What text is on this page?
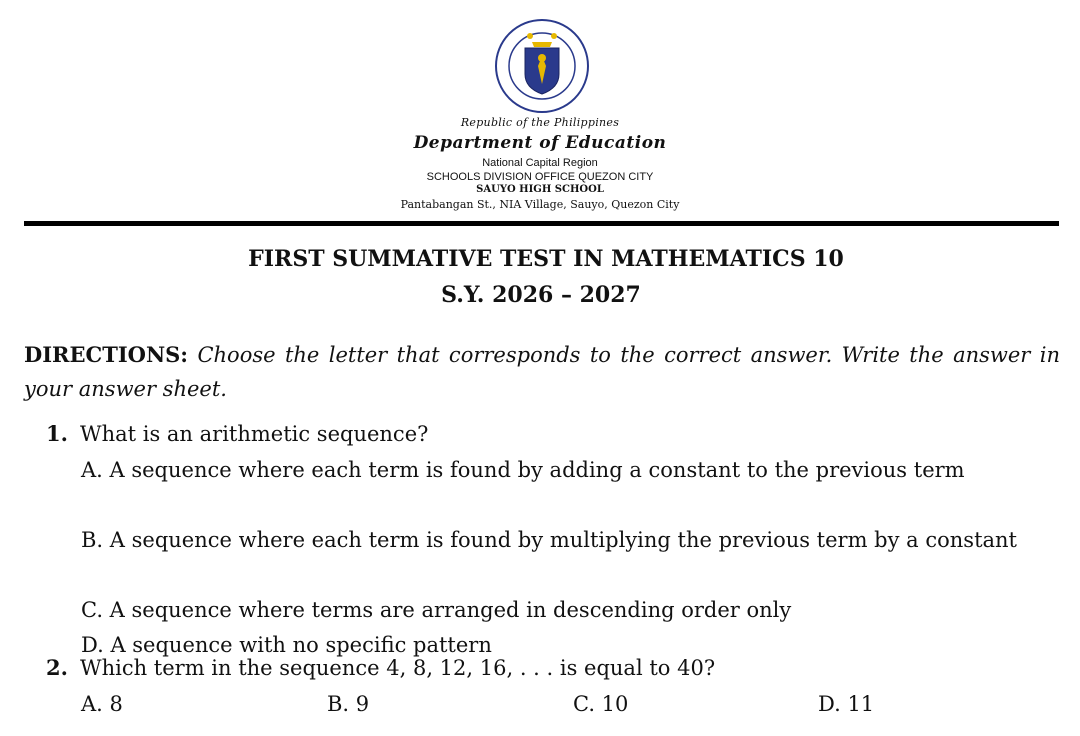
Republic of the Philippines
Department of Education
National Capital Region
SCHOOLS DIVISION OFFICE QUEZON CITY
SAUYO HIGH SCHOOL
Pantabangan St., NIA Village, Sauyo, Quezon City
FIRST SUMMATIVE TEST IN MATHEMATICS 10
S.Y. 2026 – 2027
DIRECTIONS: Choose the letter that corresponds to the correct answer. Write the answer in your answer sheet.
1. What is an arithmetic sequence?
A. A sequence where each term is found by adding a constant to the previous term
B. A sequence where each term is found by multiplying the previous term by a constant
C. A sequence where terms are arranged in descending order only
D. A sequence with no specific pattern
2. Which term in the sequence 4, 8, 12, 16, . . . is equal to 40?
A. 8	B. 9	C. 10	D. 11
